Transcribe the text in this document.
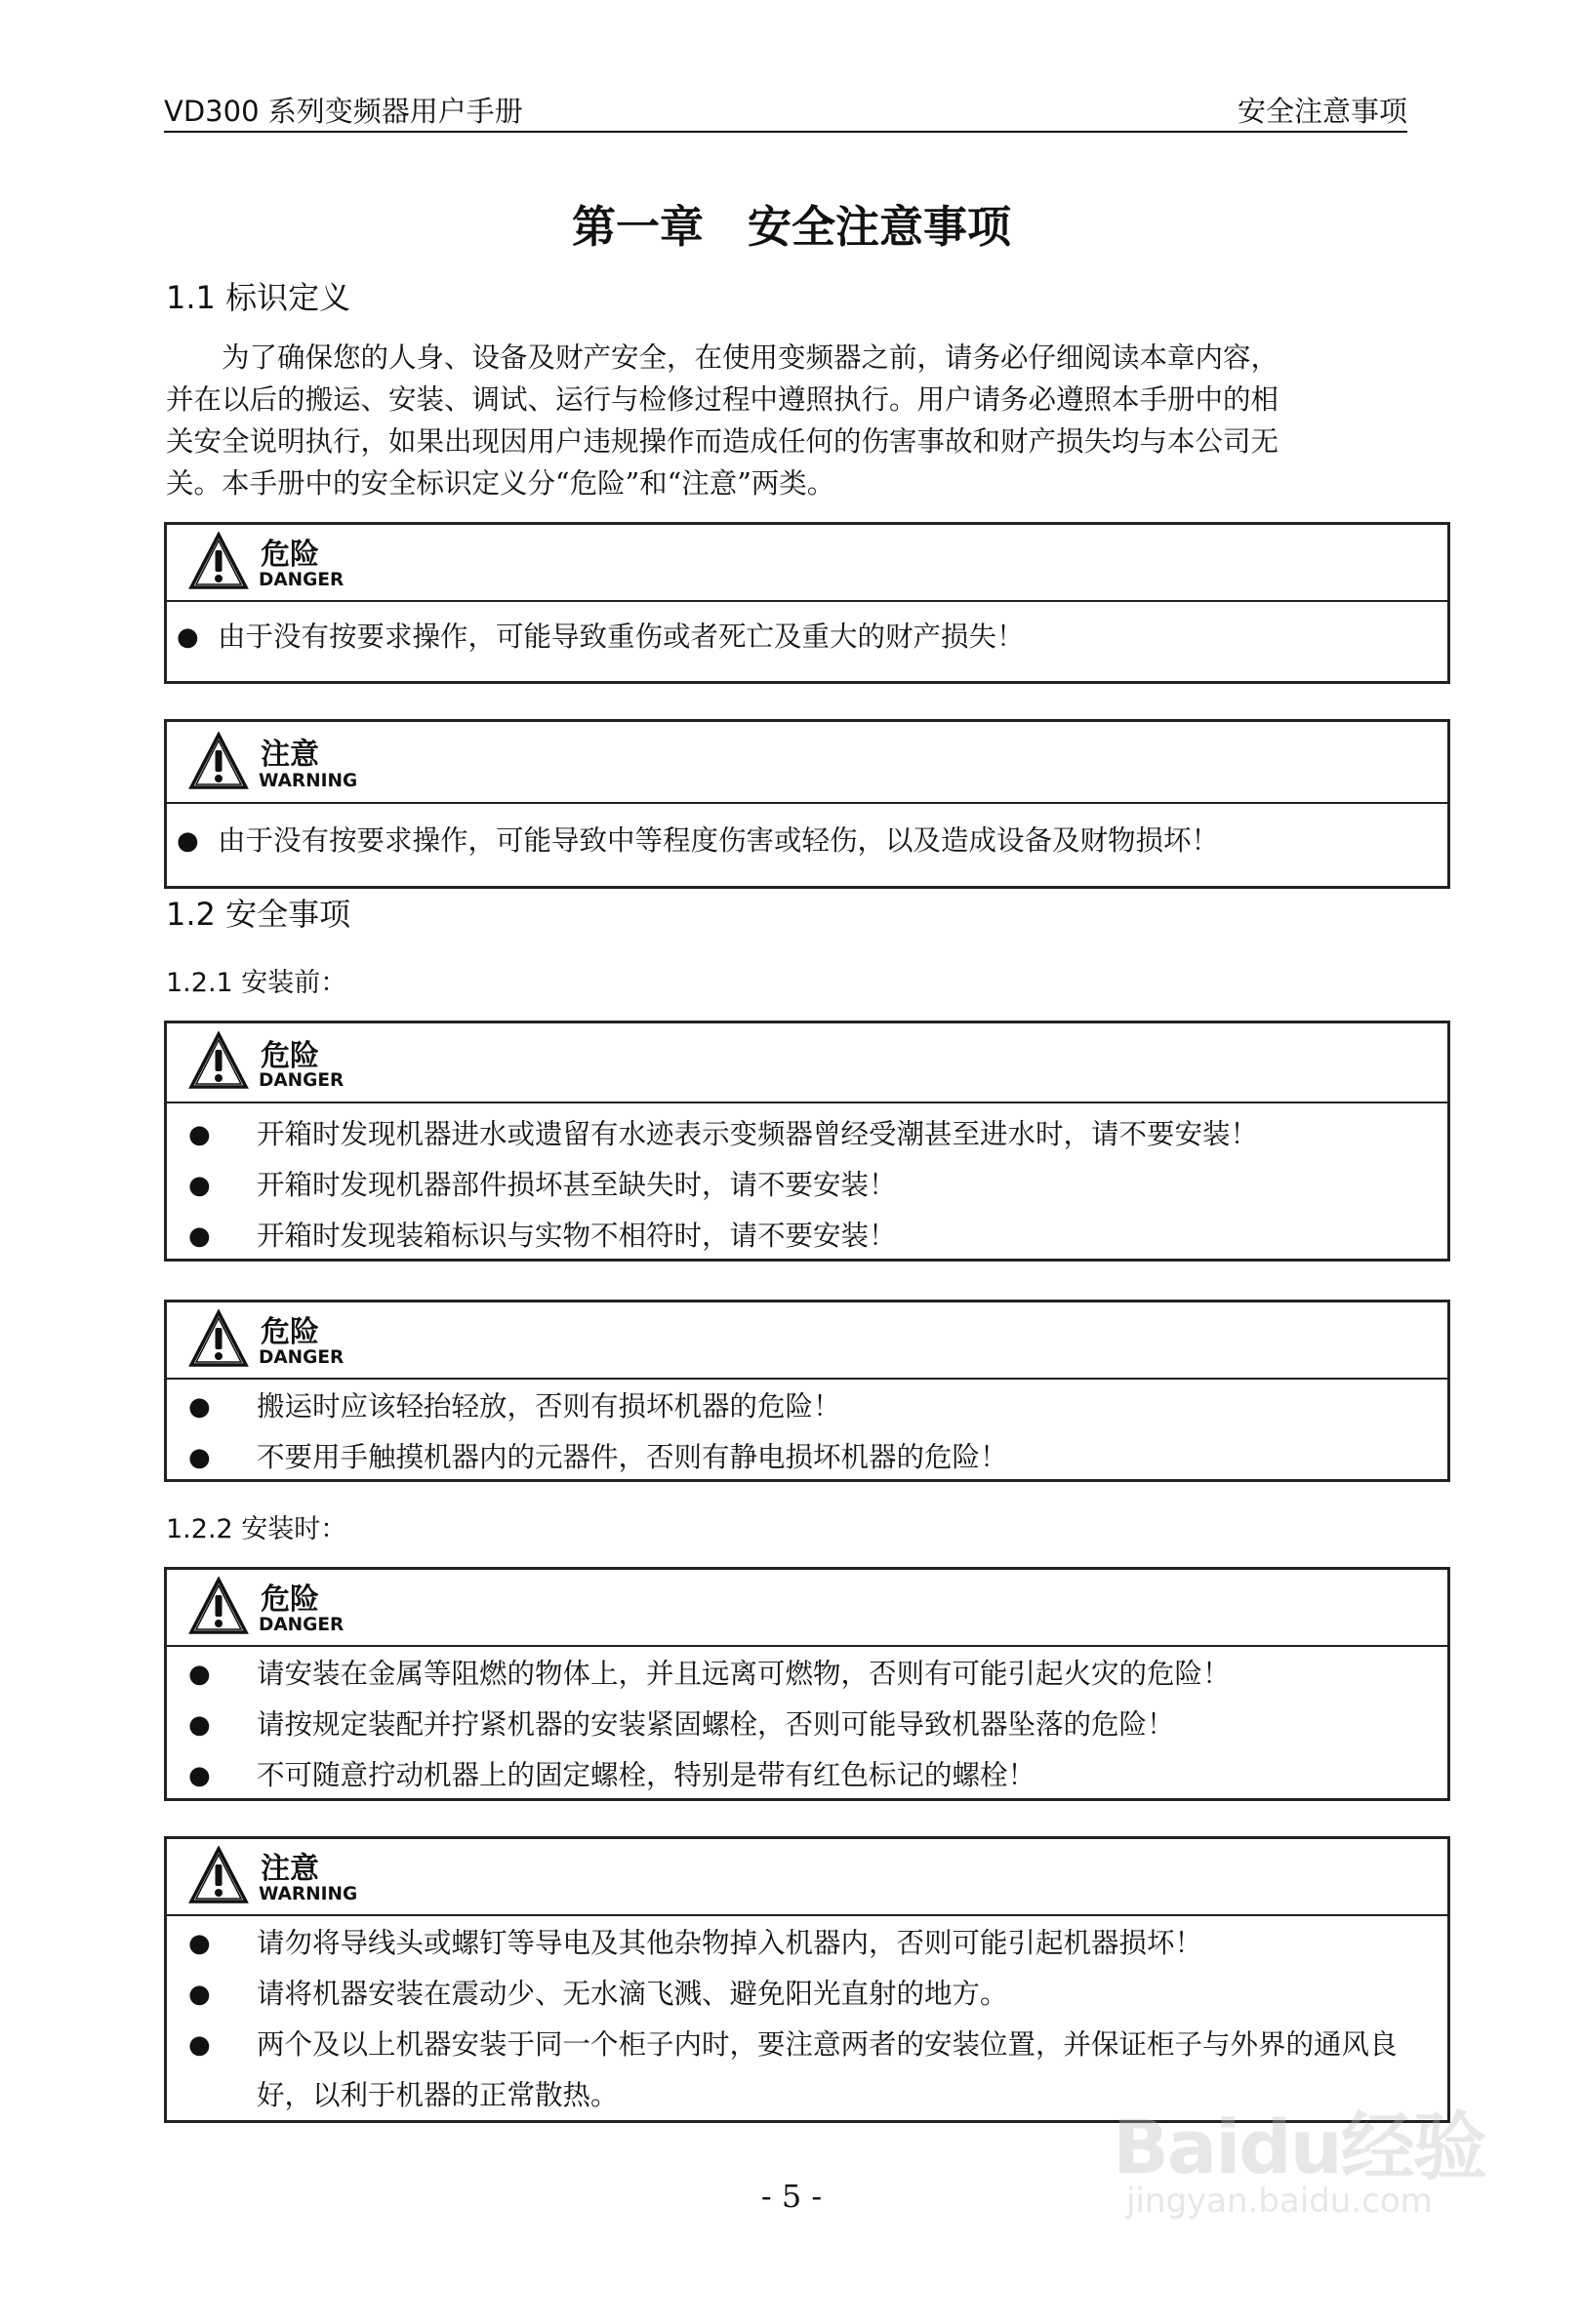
VD300 系列变频器用户手册	安全注意事项
第一章　安全注意事项
1.1 标识定义
为了确保您的人身、设备及财产安全，在使用变频器之前，请务必仔细阅读本章内容，
并在以后的搬运、安装、调试、运行与检修过程中遵照执行。用户请务必遵照本手册中的相
关安全说明执行，如果出现因用户违规操作而造成任何的伤害事故和财产损失均与本公司无
关。本手册中的安全标识定义分“危险”和“注意”两类。
危险
DANGER
● 由于没有按要求操作，可能导致重伤或者死亡及重大的财产损失！
注意
WARNING
● 由于没有按要求操作，可能导致中等程度伤害或轻伤，以及造成设备及财物损坏！
1.2 安全事项
1.2.1 安装前：
危险
DANGER
● 开箱时发现机器进水或遗留有水迹表示变频器曾经受潮甚至进水时，请不要安装！
● 开箱时发现机器部件损坏甚至缺失时，请不要安装！
● 开箱时发现装箱标识与实物不相符时，请不要安装！
危险
DANGER
● 搬运时应该轻抬轻放，否则有损坏机器的危险！
● 不要用手触摸机器内的元器件，否则有静电损坏机器的危险！
1.2.2 安装时：
危险
DANGER
● 请安装在金属等阻燃的物体上，并且远离可燃物，否则有可能引起火灾的危险！
● 请按规定装配并拧紧机器的安装紧固螺栓，否则可能导致机器坠落的危险！
● 不可随意拧动机器上的固定螺栓，特别是带有红色标记的螺栓！
注意
WARNING
● 请勿将导线头或螺钉等导电及其他杂物掉入机器内，否则可能引起机器损坏！
● 请将机器安装在震动少、无水滴飞溅、避免阳光直射的地方。
● 两个及以上机器安装于同一个柜子内时，要注意两者的安装位置，并保证柜子与外界的通风良好，以利于机器的正常散热。
- 5 -
Baidu经验
jingyan.baidu.com
